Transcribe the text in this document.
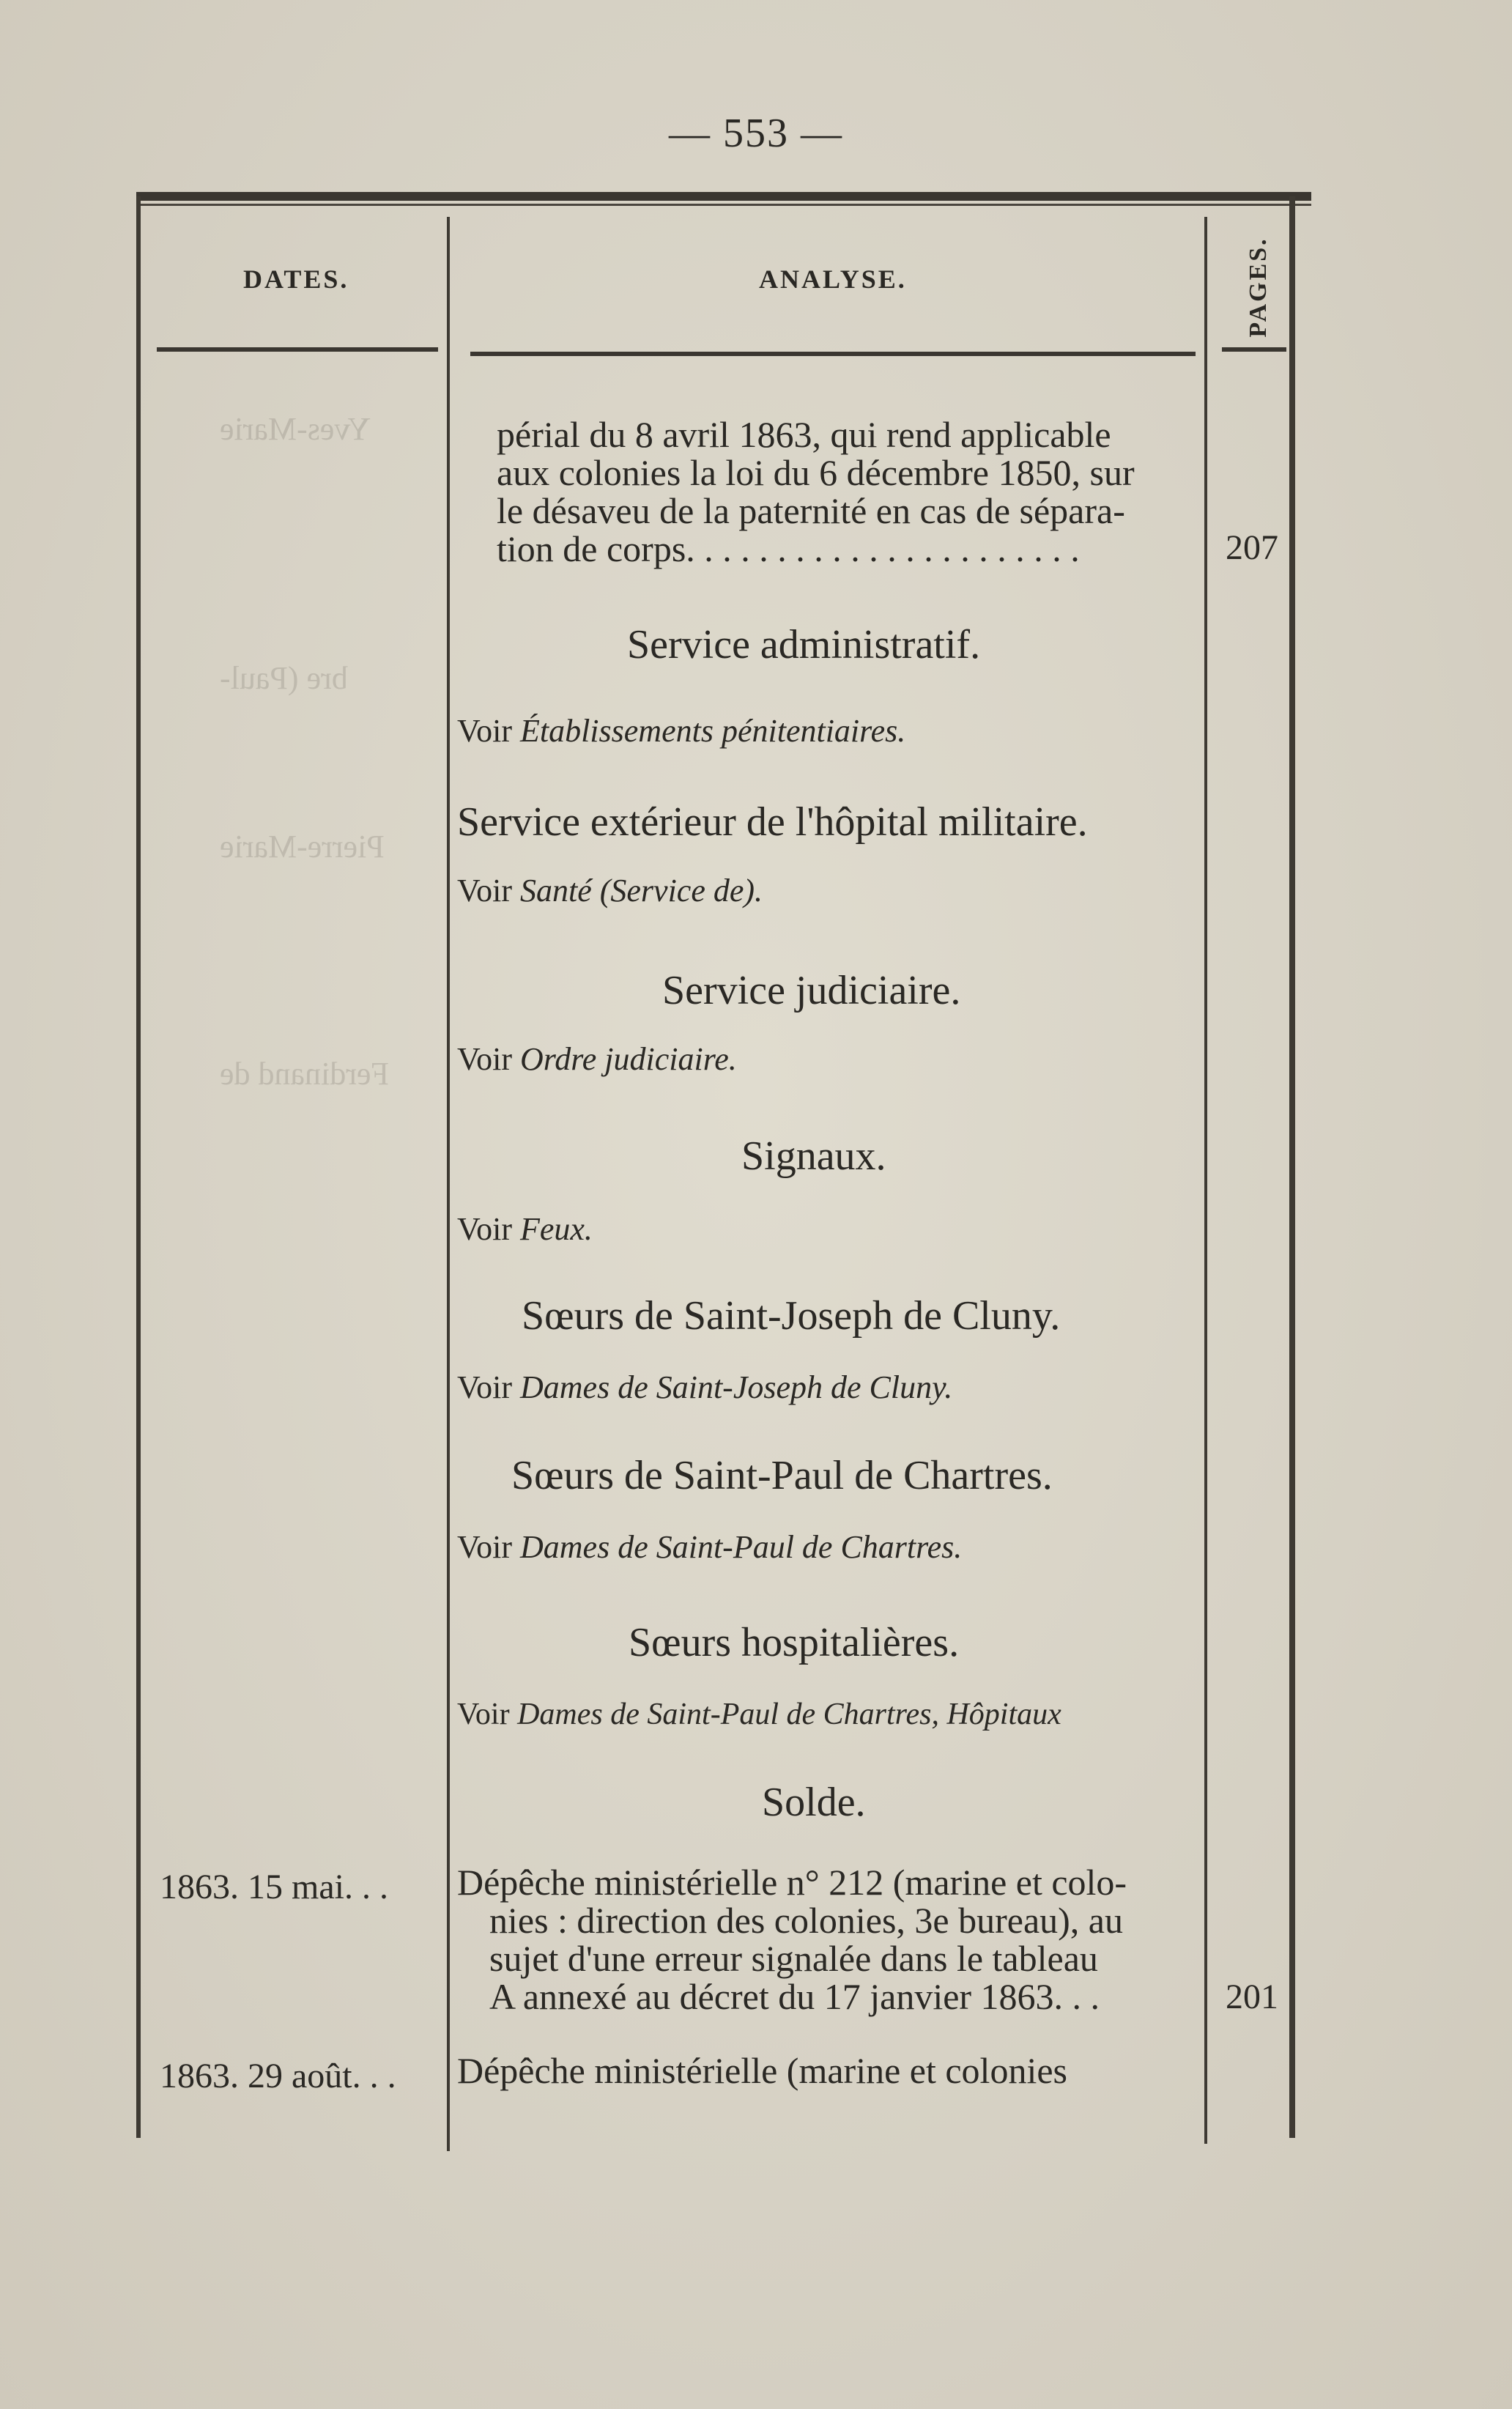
— 553 —
Yves-Marie
bre (Paul-
Pierre-Marie
Ferdinand de
DATES.	ANALYSE.	PAGES.
périal du 8 avril 1863, qui rend applicable
aux colonies la loi du 6 décembre 1850, sur
le désaveu de la paternité en cas de sépara-
tion de corps. . . . . . . . . . . . . . . . . . . . . .	207
Service administratif.
Voir Établissements pénitentiaires.
Service extérieur de l'hôpital militaire.
Voir Santé (Service de).
Service judiciaire.
Voir Ordre judiciaire.
Signaux.
Voir Feux.
Sœurs de Saint-Joseph de Cluny.
Voir Dames de Saint-Joseph de Cluny.
Sœurs de Saint-Paul de Chartres.
Voir Dames de Saint-Paul de Chartres.
Sœurs hospitalières.
Voir Dames de Saint-Paul de Chartres, Hôpitaux
Solde.
1863. 15 mai. . . Dépêche ministérielle n° 212 (marine et colo-
nies : direction des colonies, 3e bureau), au
sujet d'une erreur signalée dans le tableau
A annexé au décret du 17 janvier 1863. . .	201
1863. 29 août. . . Dépêche ministérielle (marine et colonies
